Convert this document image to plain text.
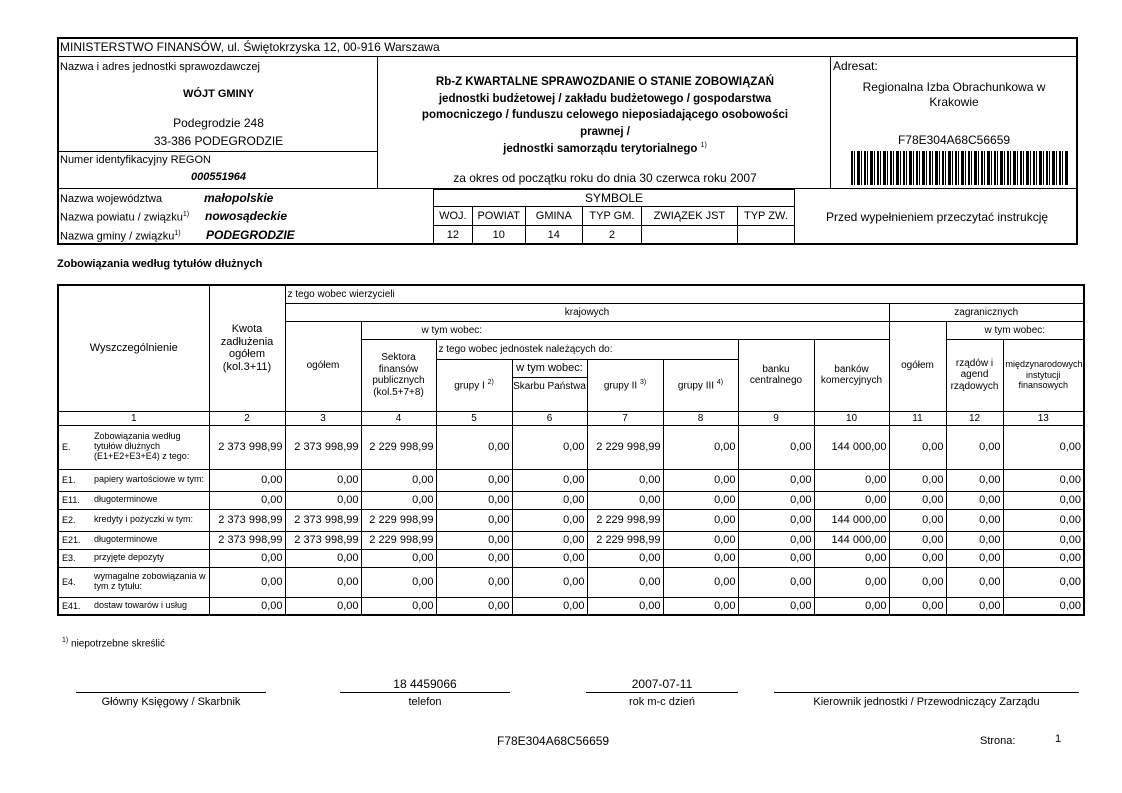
MINISTERSTWO FINANSÓW, ul. Świętokrzyska 12, 00-916 Warszawa
Nazwa i adres jednostki sprawozdawczej
WÓJT GMINY
Podegrodzie 248
33-386 PODEGRODZIE
Numer identyfikacyjny REGON
000551964
Rb-Z KWARTALNE SPRAWOZDANIE O STANIE ZOBOWIĄZAŃ
jednostki budżetowej / zakładu budżetowego / gospodarstwa
pomocniczego / funduszu celowego nieposiadającego osobowości
prawnej /
jednostki samorządu terytorialnego $^{1)}$
za okres od początku roku do dnia 30 czerwca roku 2007
Adresat:
Regionalna Izba Obrachunkowa w
Krakowie
F78E304A68C56659
Nazwa województwa	małopolskie
Nazwa powiatu / związku$^{1)}$ nowosądeckie
Nazwa gminy / związku$^{1)}$ PODEGRODZIE
SYMBOLE					
WOJ.	POWIAT	GMINA	TYP GM.	ZWIĄZEK JST	TYP ZW.
12	10	14	2		
Przed wypełnieniem przeczytać instrukcję
Zobowiązania według tytułów dłużnych
Wyszczególnienie	Kwota zadłużenia ogółem (kol.3+11)	z tego wobec wierzycieli										
		krajowych								zagranicznych		
		ogółem	w tym wobec:							ogółem	w tym wobec:	
			Sektora finansów publicznych (kol.5+7+8)	z tego wobec jednostek należących do:				banku centralnego	banków komercyjnych		rządów i agend rządowych	międzynarodowych instytucji finansowych
				grupy I $^{2)}$	w tym wobec:
Skarbu Państwa	grupy II $^{3)}$	grupy III $^{4)}$
1	2	3	4	5	6	7	8	9	10	11	12	13

E.
Zobowiązania według tytułów dłużnych (E1+E2+E3+E4) z tego:	2 373 998,99	2 373 998,99	2 229 998,99	0,00	0,00	2 229 998,99	0,00	0,00	144 000,00	0,00	0,00	0,00

E1. papiery wartościowe w tym:	0,00	0,00	0,00	0,00	0,00	0,00	0,00	0,00	0,00	0,00	0,00	0,00

E11. długoterminowe	0,00	0,00	0,00	0,00	0,00	0,00	0,00	0,00	0,00	0,00	0,00	0,00

E2. kredyty i pożyczki w tym:	2 373 998,99	2 373 998,99	2 229 998,99	0,00	0,00	2 229 998,99	0,00	0,00	144 000,00	0,00	0,00	0,00

E21. długoterminowe	2 373 998,99	2 373 998,99	2 229 998,99	0,00	0,00	2 229 998,99	0,00	0,00	144 000,00	0,00	0,00	0,00

E3. przyjęte depozyty	0,00	0,00	0,00	0,00	0,00	0,00	0,00	0,00	0,00	0,00	0,00	0,00

E4.
wymagalne zobowiązania w tym z tytułu:	0,00	0,00	0,00	0,00	0,00	0,00	0,00	0,00	0,00	0,00	0,00	0,00

E41. dostaw towarów i usług	0,00	0,00	0,00	0,00	0,00	0,00	0,00	0,00	0,00	0,00	0,00	0,00
$^{1)}$ niepotrzebne skreślić
18 4459066	2007-07-11
Główny Księgowy / Skarbnik	telefon	rok m-c dzień	Kierownik jednostki / Przewodniczący Zarządu
F78E304A68C56659	Strona:	1
